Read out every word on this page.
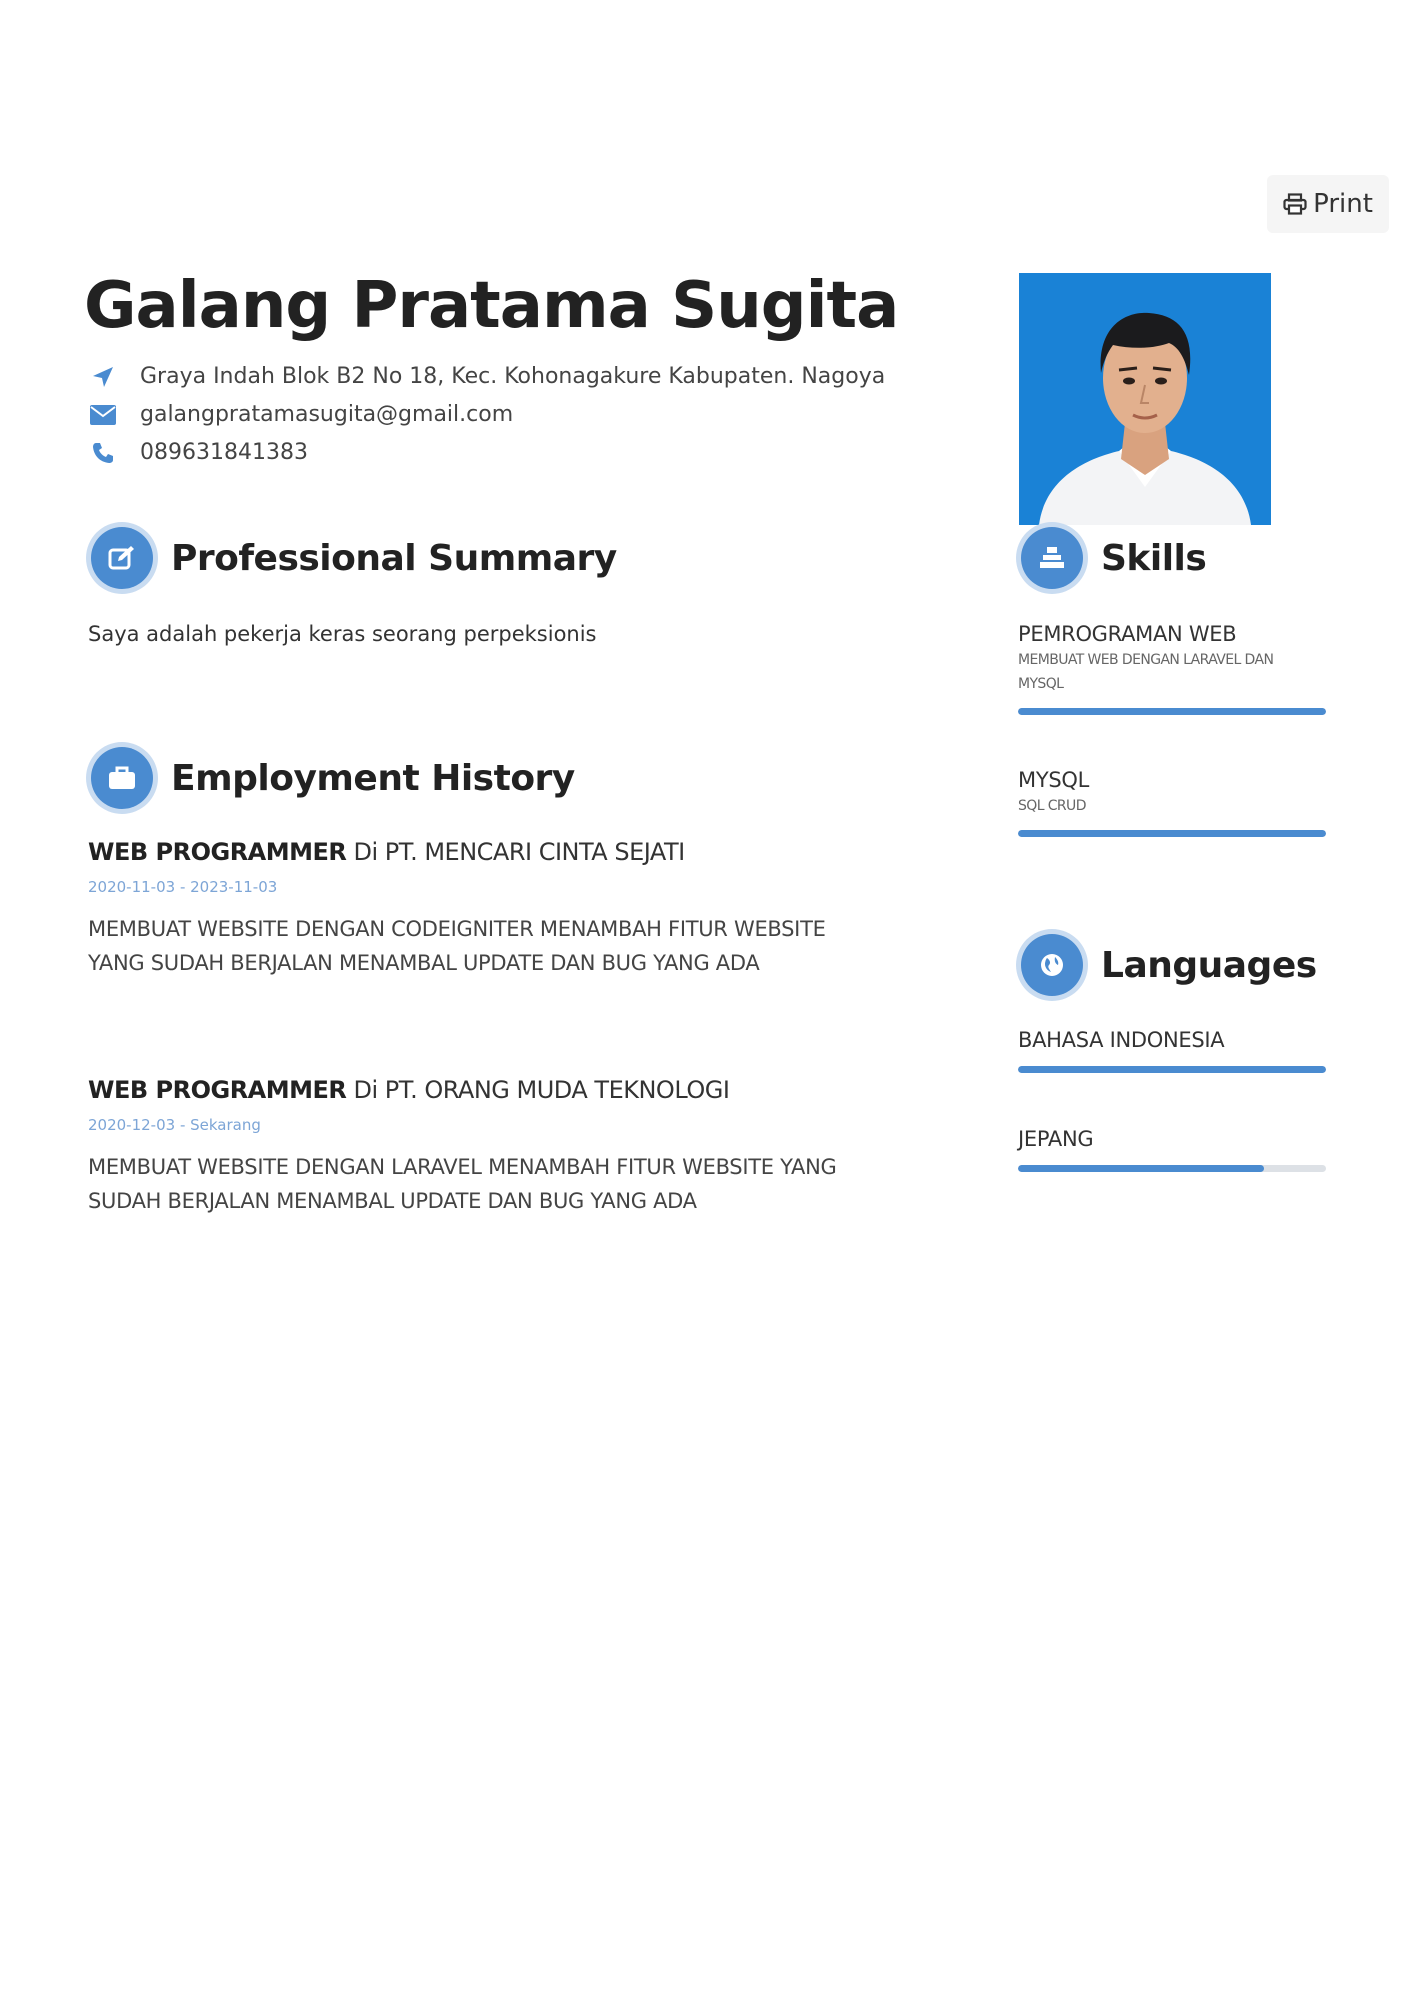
Print
Galang Pratama Sugita
Graya Indah Blok B2 No 18, Kec. Kohonagakure Kabupaten. Nagoya
galangpratamasugita@gmail.com
089631841383
Professional Summary
Saya adalah pekerja keras seorang perpeksionis
Employment History
WEB PROGRAMMER Di PT. MENCARI CINTA SEJATI
2020-11-03 - 2023-11-03
MEMBUAT WEBSITE DENGAN CODEIGNITER MENAMBAH FITUR WEBSITE YANG SUDAH BERJALAN MENAMBAL UPDATE DAN BUG YANG ADA
WEB PROGRAMMER Di PT. ORANG MUDA TEKNOLOGI
2020-12-03 - Sekarang
MEMBUAT WEBSITE DENGAN LARAVEL MENAMBAH FITUR WEBSITE YANG SUDAH BERJALAN MENAMBAL UPDATE DAN BUG YANG ADA
Skills
PEMROGRAMAN WEB
MEMBUAT WEB DENGAN LARAVEL DAN MYSQL
MYSQL
SQL CRUD
Languages
BAHASA INDONESIA
JEPANG
